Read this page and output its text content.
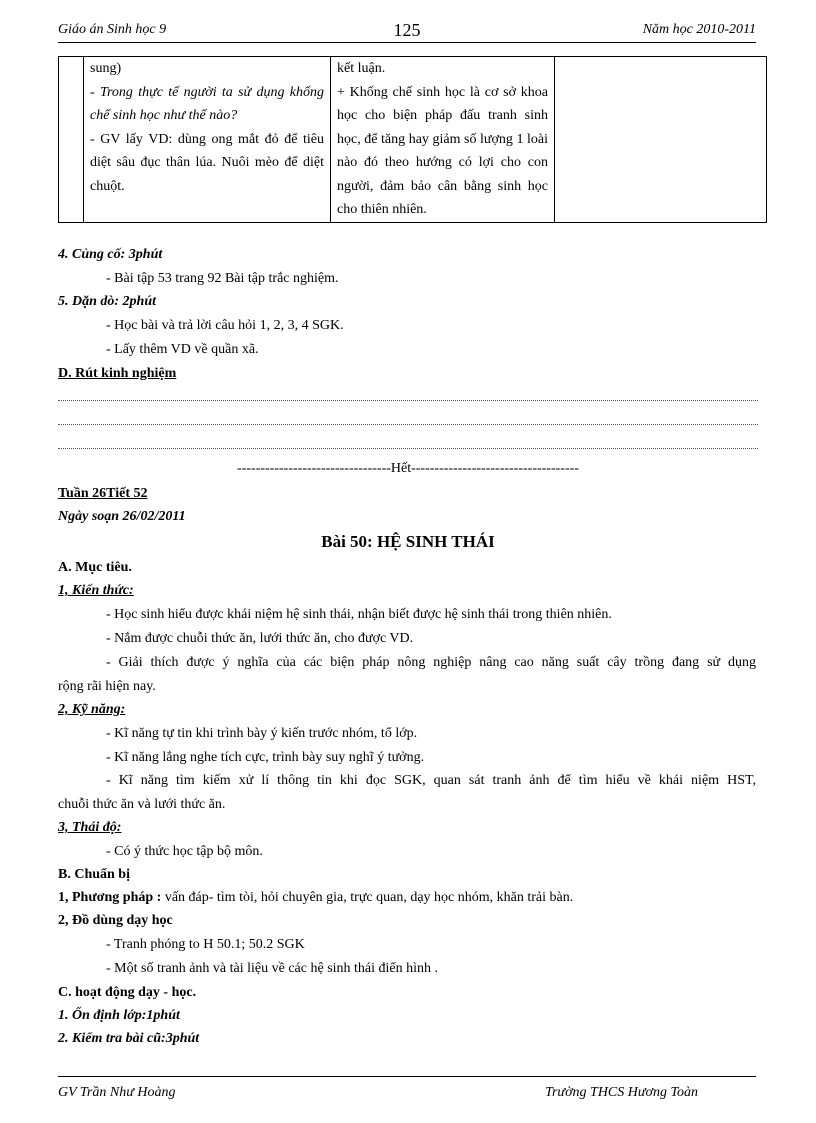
Giáo án Sinh học 9	125	Năm học 2010-2011

sung)
- Trong thực tế người ta sử dụng khống chế sinh học như thế nào?
- GV lấy VD: dùng ong mắt đỏ để tiêu diệt sâu đục thân lúa. Nuôi mèo để diệt chuột.

kết luận.
+ Khống chế sinh học là cơ sở khoa học cho biện pháp đấu tranh sinh học, để tăng hay giảm số lượng 1 loài nào đó theo hướng có lợi cho con người, đảm bảo cân bằng sinh học cho thiên nhiên.

4. Củng cố: 3phút
- Bài tập 53 trang 92 Bài tập trắc nghiệm.
5. Dặn dò: 2phút
- Học bài và trả lời câu hỏi 1, 2, 3, 4 SGK.
- Lấy thêm VD về quần xã.
D. Rút kinh nghiệm
---------------------------------Hết------------------------------------
Tuần 26Tiết 52
Ngày soạn 26/02/2011
Bài 50: HỆ SINH THÁI
A. Mục tiêu.
1, Kiến thức:
- Học sinh hiểu được khái niệm hệ sinh thái, nhận biết được hệ sinh thái trong thiên nhiên.
- Nắm được chuỗi thức ăn, lưới thức ăn, cho được VD.
- Giải thích được ý nghĩa của các biện pháp nông nghiệp nâng cao năng suất cây trồng đang sử dụng
rộng rãi hiện nay.
2, Kỹ năng:
- Kĩ năng tự tin khi trình bày ý kiến trước nhóm, tổ lớp.
- Kĩ năng lắng nghe tích cực, trình bày suy nghĩ ý tưởng.
- Kĩ năng tìm kiếm xử lí thông tin khi đọc SGK, quan sát tranh ảnh để tìm hiểu về khái niệm HST,
chuỗi thức ăn và lưới thức ăn.
3, Thái độ:
- Có ý thức học tập bộ môn.
B. Chuẩn bị
1, Phương pháp : vấn đáp- tìm tòi, hỏi chuyên gia, trực quan, dạy học nhóm, khăn trải bàn.
2, Đồ dùng dạy học
- Tranh phóng to H 50.1; 50.2 SGK
- Một số tranh ảnh và tài liệu về các hệ sinh thái điển hình .
C. hoạt động dạy - học.
1. Ổn định lớp:1phút
2. Kiểm tra bài cũ:3phút
GV Trần Như Hoàng	Trường THCS Hương Toàn
